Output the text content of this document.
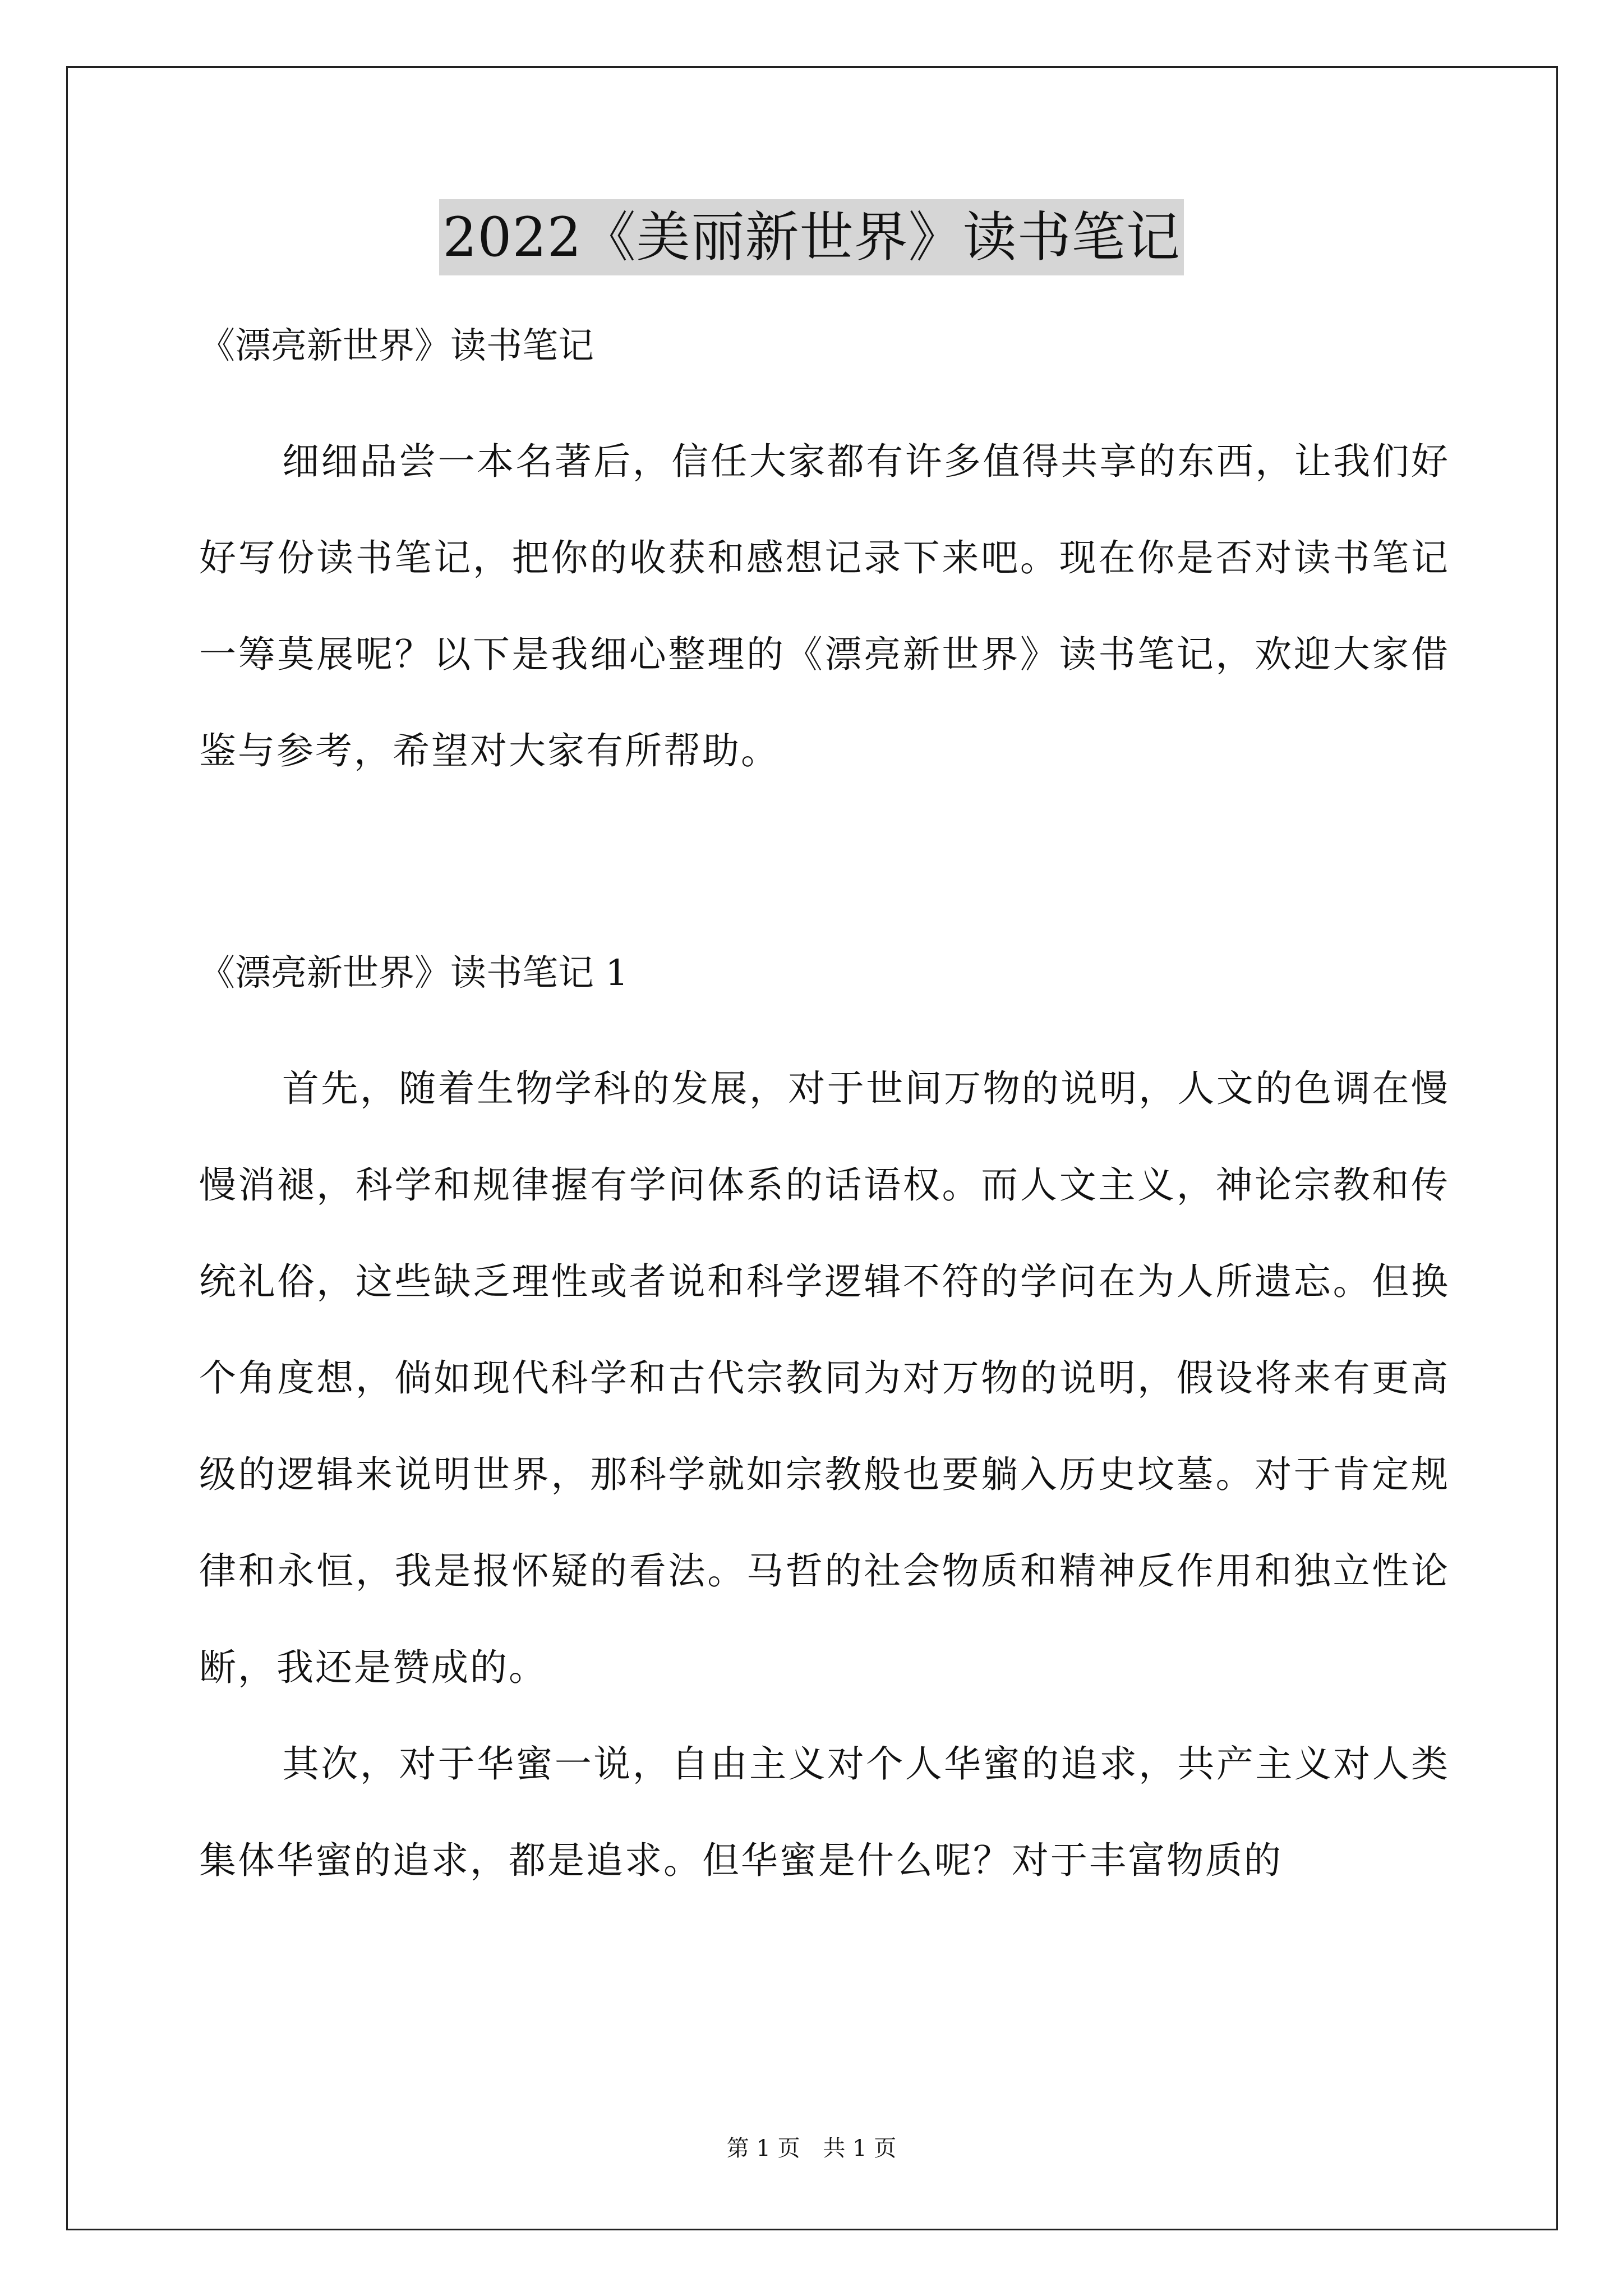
2022《美丽新世界》读书笔记

《漂亮新世界》读书笔记

细细品尝一本名著后，信任大家都有许多值得共享的东西，让我们好好写份读书笔记，把你的收获和感想记录下来吧。现在你是否对读书笔记一筹莫展呢？以下是我细心整理的《漂亮新世界》读书笔记，欢迎大家借鉴与参考，希望对大家有所帮助。

《漂亮新世界》读书笔记 1

首先，随着生物学科的发展，对于世间万物的说明，人文的色调在慢慢消褪，科学和规律握有学问体系的话语权。而人文主义，神论宗教和传统礼俗，这些缺乏理性或者说和科学逻辑不符的学问在为人所遗忘。但换个角度想，倘如现代科学和古代宗教同为对万物的说明，假设将来有更高级的逻辑来说明世界，那科学就如宗教般也要躺入历史坟墓。对于肯定规律和永恒，我是报怀疑的看法。马哲的社会物质和精神反作用和独立性论断，我还是赞成的。

其次，对于华蜜一说，自由主义对个人华蜜的追求，共产主义对人类集体华蜜的追求，都是追求。但华蜜是什么呢？对于丰富物质的

第 1 页 共 1 页
